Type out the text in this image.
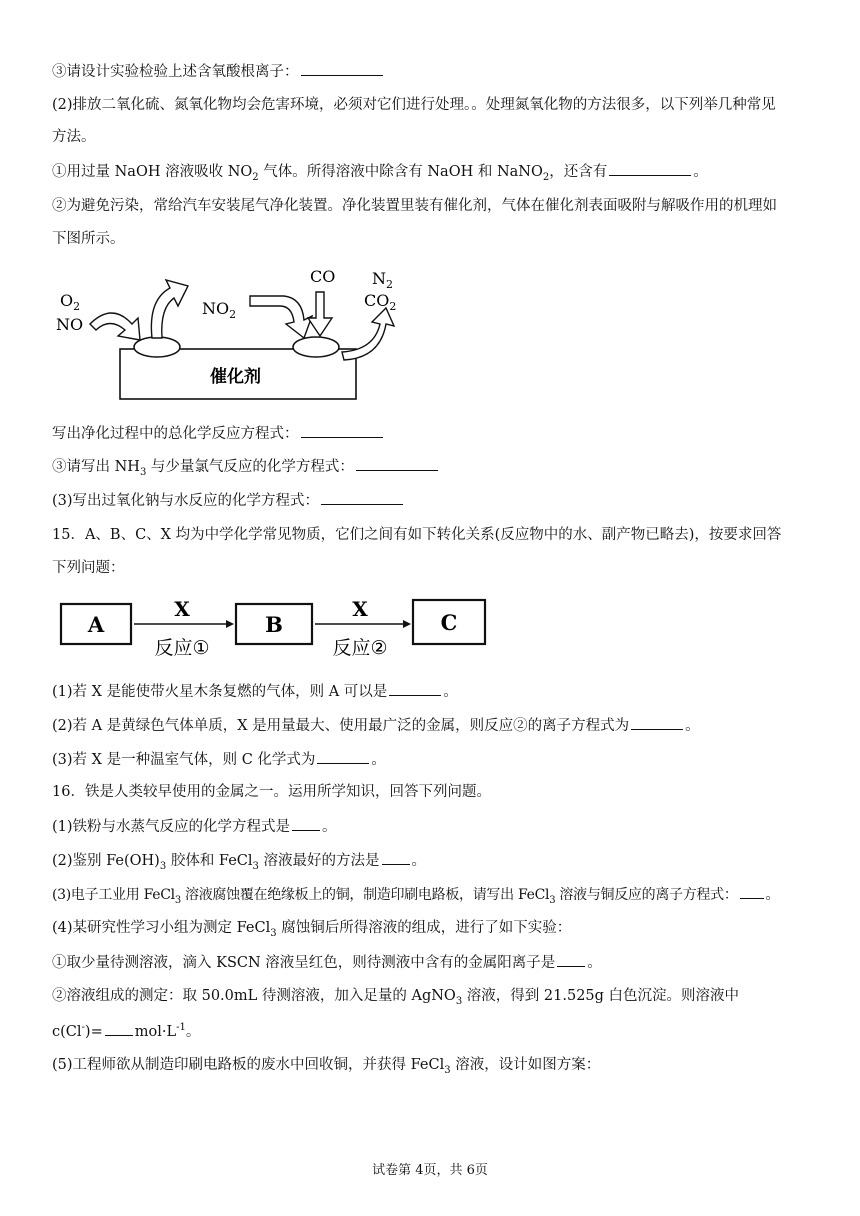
③请设计实验检验上述含氧酸根离子：
(2)排放二氧化硫、氮氧化物均会危害环境，必须对它们进行处理。。处理氮氧化物的方法很多，以下列举几种常见
方法。
①用过量 NaOH 溶液吸收 $NO_2$ 气体。所得溶液中除含有 NaOH 和 NaNO$_2$，还含有	。
②为避免污染，常给汽车安装尾气净化装置。净化装置里装有催化剂，气体在催化剂表面吸附与解吸作用的机理如
下图所示。
催化剂
$O_2$
NO
$NO_2$
CO $N_2$
$CO_2$
写出净化过程中的总化学反应方程式：
③请写出 $NH_3$ 与少量氯气反应的化学方程式：
(3)写出过氧化钠与水反应的化学方程式：
15．A、B、C、X 均为中学化学常见物质，它们之间有如下转化关系(反应物中的水、副产物已略去)，按要求回答
下列问题：
A	B	C
X	X
反应①	反应②
(1)若 X 是能使带火星木条复燃的气体，则 A 可以是	。
(2)若 A 是黄绿色气体单质，X 是用量最大、使用最广泛的金属，则反应②的离子方程式为	。
(3)若 X 是一种温室气体，则 C 化学式为	。
16．铁是人类较早使用的金属之一。运用所学知识，回答下列问题。
(1)铁粉与水蒸气反应的化学方程式是 。
(2)鉴别 $Fe(OH)_3$ 胶体和 FeCl$_3$ 溶液最好的方法是 。
(3)电子工业用 FeCl$_3$ 溶液腐蚀覆在绝缘板上的铜，制造印刷电路板，请写出 FeCl$_3$ 溶液与铜反应的离子方程式： 。
(4)某研究性学习小组为测定 FeCl$_3$ 腐蚀铜后所得溶液的组成，进行了如下实验：
①取少量待测溶液，滴入 KSCN 溶液呈红色，则待测液中含有的金属阳离子是 。
②溶液组成的测定：取 50.0mL 待测溶液，加入足量的 AgNO$_3$ 溶液，得到 21.525g 白色沉淀。则溶液中
$c(Cl^-)= mol\cdot L^{-1}$。
(5)工程师欲从制造印刷电路板的废水中回收铜，并获得 FeCl$_3$ 溶液，设计如图方案：
试卷第 4页，共 6页
